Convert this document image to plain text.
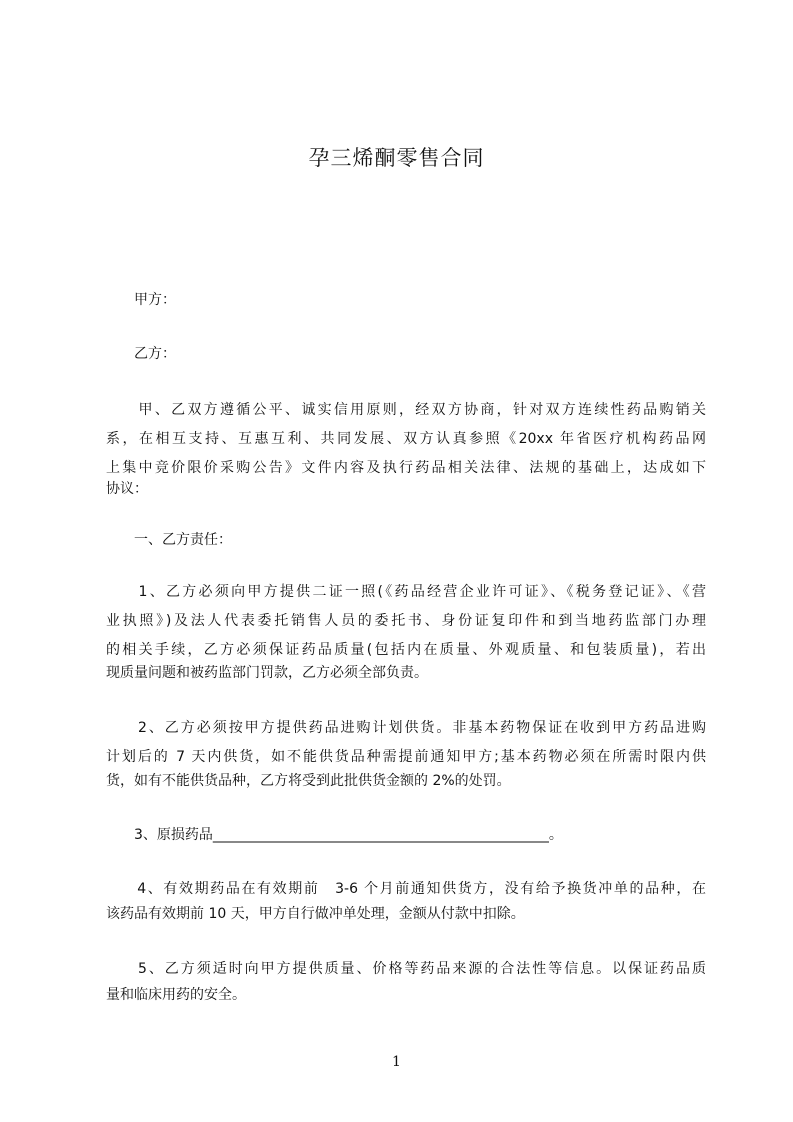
孕三烯酮零售合同
　　甲方：
　　乙方：
　　甲、乙双方遵循公平、诚实信用原则，经双方协商，针对双方连续性药品购销关
系，在相互支持、互惠互利、共同发展、双方认真参照《20xx 年省医疗机构药品网
上集中竞价限价采购公告》文件内容及执行药品相关法律、法规的基础上，达成如下
协议：
　　一、乙方责任：
　　1、乙方必须向甲方提供二证一照(《药品经营企业许可证》、《税务登记证》、《营
业执照》)及法人代表委托销售人员的委托书、身份证复印件和到当地药监部门办理
的相关手续，乙方必须保证药品质量(包括内在质量、外观质量、和包装质量)，若出
现质量问题和被药监部门罚款，乙方必须全部负责。
　　2、乙方必须按甲方提供药品进购计划供货。非基本药物保证在收到甲方药品进购
计划后的 7 天内供货，如不能供货品种需提前通知甲方;基本药物必须在所需时限内供
货，如有不能供货品种，乙方将受到此批供货金额的 2%的处罚。
　　3、原损药品________________________________________________。
　　4、有效期药品在有效期前　3-6 个月前通知供货方，没有给予换货冲单的品种，在
该药品有效期前 10 天，甲方自行做冲单处理，金额从付款中扣除。
　　5、乙方须适时向甲方提供质量、价格等药品来源的合法性等信息。以保证药品质
量和临床用药的安全。
1
